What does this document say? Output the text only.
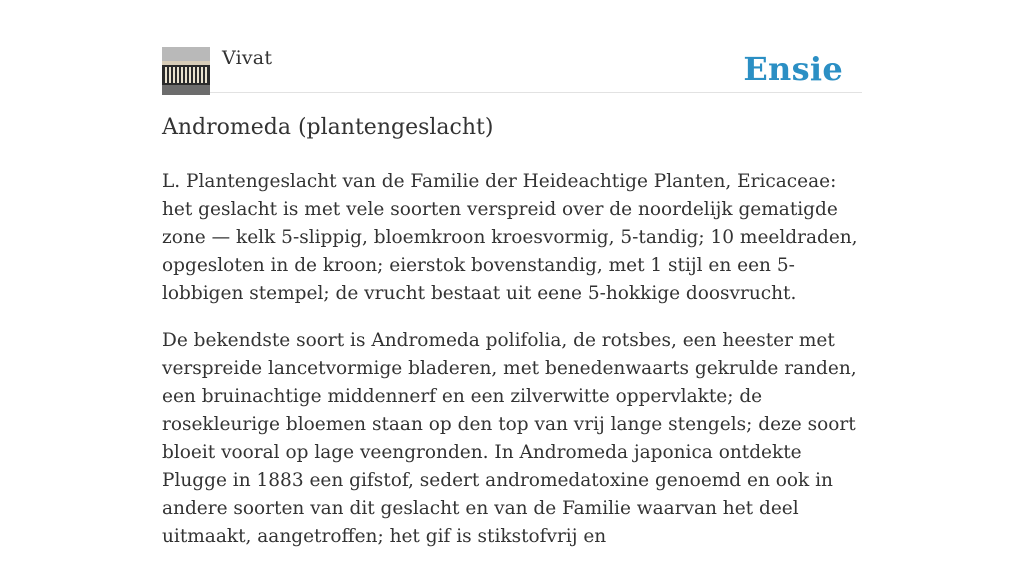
Vivat	Ensie
Andromeda (plantengeslacht)

L. Plantengeslacht van de Familie der Heideachtige Planten, Ericaceae: het geslacht is met vele soorten verspreid over de noordelijk gematigde zone — kelk 5-slippig, bloemkroon kroesvormig, 5-tandig; 10 meeldraden, opgesloten in de kroon; eierstok bovenstandig, met 1 stijl en een 5-lobbigen stempel; de vrucht bestaat uit eene 5-hokkige doosvrucht.

De bekendste soort is Andromeda polifolia, de rotsbes, een heester met verspreide lancetvormige bladeren, met benedenwaarts gekrulde randen, een bruinachtige middennerf en een zilverwitte oppervlakte; de rosekleurige bloemen staan op den top van vrij lange stengels; deze soort bloeit vooral op lage veengronden. In Andromeda japonica ontdekte Plugge in 1883 een gifstof, sedert andromedatoxine genoemd en ook in andere soorten van dit geslacht en van de Familie waarvan het deel uitmaakt, aangetroffen; het gif is stikstofvrij en
